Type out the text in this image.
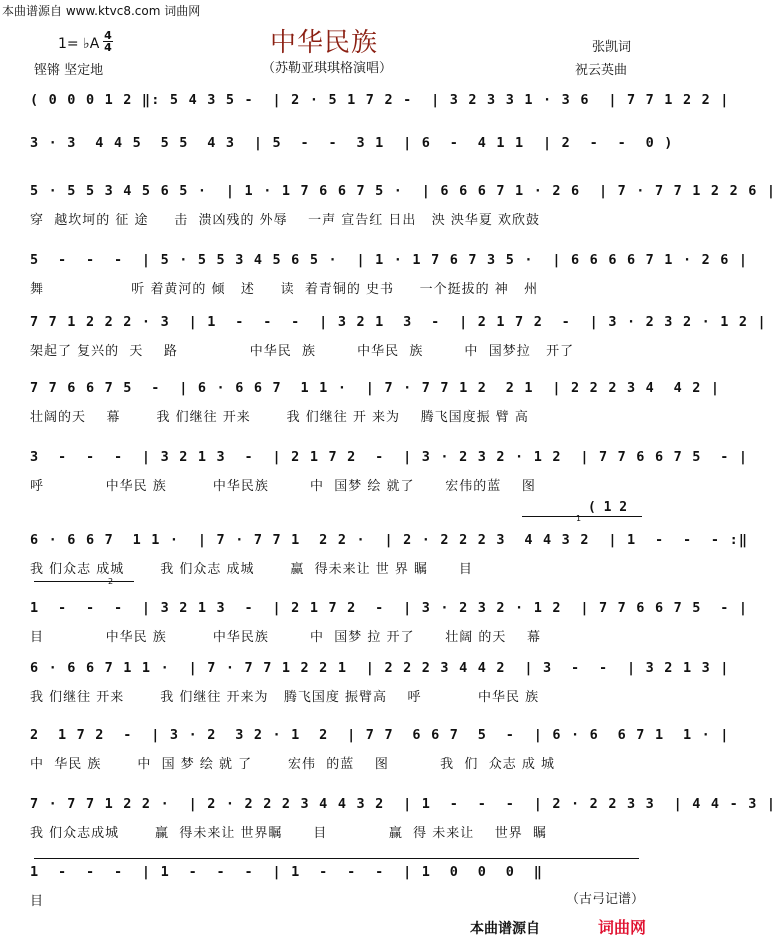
本曲谱源自 www.ktvc8.com 词曲网
中华民族
（苏勒亚琪琪格演唱）
1= ♭A
4
4
铿锵 坚定地
张凯词
祝云英曲
( 0 0 0 1 2 ‖: 5 4 3 5 -  | 2 · 5 1 7 2 -  | 3 2 3 3 1 · 3 6  | 7 7 1 2 2 |
3 · 3  4 4 5  5 5  4 3  | 5  -  -  3 1  | 6  -  4 1 1  | 2  -  -  0 )
5 · 5 5 3 4 5 6 5 ·  | 1 · 1 7 6 6 7 5 ·  | 6 6 6 7 1 · 2 6  | 7 · 7 7 1 2 2 6 |
穿  越坎坷的 征 途     击  溃凶残的 外辱    一声 宣告红 日出   泱 泱华夏 欢欣鼓
5  -  -  -  | 5 · 5 5 3 4 5 6 5 ·  | 1 · 1 7 6 7 3 5 ·  | 6 6 6 6 7 1 · 2 6 |
舞                 听 着黄河的 倾   述     读  着青铜的 史书     一个挺拔的 神   州
7 7 1 2 2 2 · 3  | 1  -  -  -  | 3 2 1  3  -  | 2 1 7 2  -  | 3 · 2 3 2 · 1 2 |
架起了 复兴的  天    路              中华民  族        中华民  族        中  国梦拉   开了
7 7 6 6 7 5  -  | 6 · 6 6 7  1 1 ·  | 7 · 7 7 1 2  2 1  | 2 2 2 3 4  4 2 |
壮阔的天    幕       我 们继往 开来       我 们继往 开 来为    腾飞国度振 臂 高
3  -  -  -  | 3 2 1 3  -  | 2 1 7 2  -  | 3 · 2 3 2 · 1 2  | 7 7 6 6 7 5  - |
呼            中华民 族         中华民族        中  国梦 绘 就了      宏伟的蓝    图
6 · 6 6 7  1 1 ·  | 7 · 7 7 1  2 2 ·  | 2 · 2 2 2 3  4 4 3 2  | 1  -  -  - :‖
我 们众志 成城       我 们众志 成城       赢  得未来让 世 界 瞩      目
1  -  -  -  | 3 2 1 3  -  | 2 1 7 2  -  | 3 · 2 3 2 · 1 2  | 7 7 6 6 7 5  - |
目            中华民 族         中华民族        中  国梦 拉 开了      壮阔 的天    幕
6 · 6 6 7 1 1 ·  | 7 · 7 7 1 2 2 1  | 2 2 2 3 4 4 2  | 3  -  -  | 3 2 1 3 |
我 们继往 开来       我 们继往 开来为   腾飞国度 振臂高    呼           中华民 族
2  1 7 2  -  | 3 · 2  3 2 · 1  2  | 7 7  6 6 7  5  -  | 6 · 6  6 7 1  1 · |
中  华民 族       中  国 梦 绘 就 了       宏伟  的蓝    图          我  们  众志 成 城
7 · 7 7 1 2 2 ·  | 2 · 2 2 2 3 4 4 3 2  | 1  -  -  -  | 2 · 2 2 3 3  | 4 4 - 3 |
我 们众志成城       赢  得未来让 世界瞩      目            赢  得 未来让    世界  瞩
1  -  -  -  | 1  -  -  -  | 1  -  -  -  | 1  0  0  0  ‖
目	（古弓记谱）
1
( 1 2
2
本曲谱源自	词曲网
